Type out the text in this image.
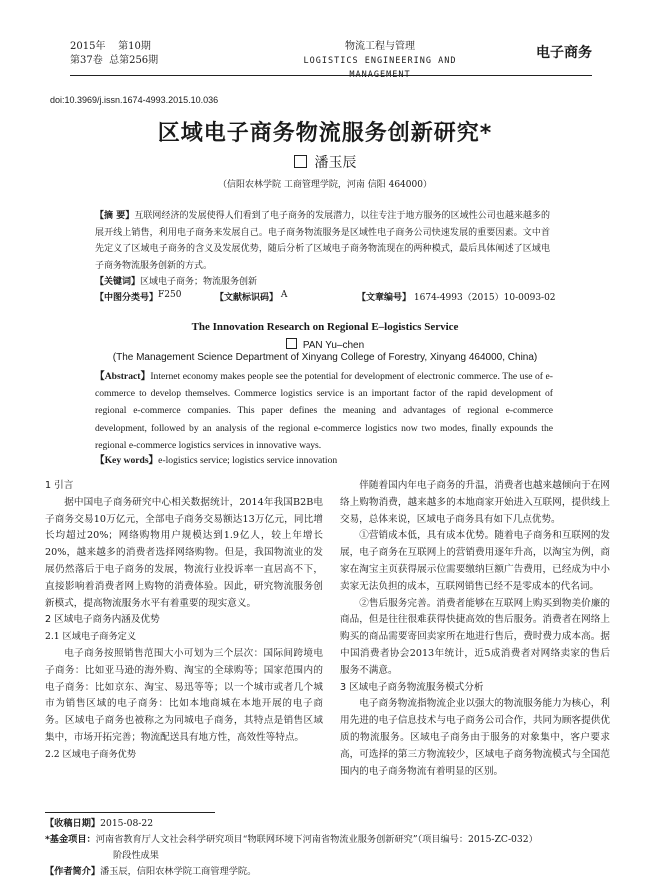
2015年    第10期
第37卷  总第256期
物流工程与管理
LOGISTICS ENGINEERING AND MANAGEMENT
电子商务
doi:10.3969/j.issn.1674-4993.2015.10.036
区域电子商务物流服务创新研究*
潘玉辰
（信阳农林学院 工商管理学院，河南 信阳 464000）
【摘 要】互联网经济的发展使得人们看到了电子商务的发展潜力，以往专注于地方服务的区域性公司也越来越多的展开线上销售，利用电子商务来发展自己。电子商务物流服务是区域性电子商务公司快速发展的重要因素。文中首先定义了区域电子商务的含义及发展优势，随后分析了区域电子商务物流现在的两种模式，最后具体阐述了区域电子商务物流服务创新的方式。
【关键词】区域电子商务；物流服务创新
【中图分类号】 F250	【文献标识码】 A	【文章编号】 1674-4993（2015）10-0093-02
The Innovation Research on Regional E–logistics Service
PAN Yu–chen
(The Management Science Department of Xinyang College of Forestry, Xinyang 464000, China)
【Abstract】Internet economy makes people see the potential for development of electronic commerce. The use of e-commerce to develop themselves. Commerce logistics service is an important factor of the rapid development of regional e-commerce companies. This paper defines the meaning and advantages of regional e-commerce development, followed by an analysis of the regional e-commerce logistics now two modes, finally expounds the regional e-commerce logistics services in innovative ways.
【Key words】e-logistics service; logistics service innovation
1 引言

据中国电子商务研究中心相关数据统计，2014年我国B2B电子商务交易10万亿元，全部电子商务交易额达13万亿元，同比增长均超过20%；网络购物用户规模达到1.9亿人，较上年增长20%，越来越多的消费者选择网络购物。但是，我国物流业的发展仍然落后于电子商务的发展，物流行业投诉率一直居高不下，直接影响着消费者网上购物的消费体验。因此，研究物流服务创新模式，提高物流服务水平有着重要的现实意义。

2 区域电子商务内涵及优势
2.1 区域电子商务定义

电子商务按照销售范围大小可划为三个层次：国际间跨境电子商务：比如亚马逊的海外购、淘宝的全球购等；国家范围内的电子商务：比如京东、淘宝、易迅等等；以一个城市或者几个城市为销售区域的电子商务：比如本地商城在本地开展的电子商务。区域电子商务也被称之为同城电子商务，其特点是销售区域集中，市场开拓完善；物流配送具有地方性，高效性等特点。

2.2 区域电子商务优势

伴随着国内年电子商务的升温，消费者也越来越倾向于在网络上购物消费，越来越多的本地商家开始进入互联网，提供线上交易，总体来说，区域电子商务具有如下几点优势。

①营销成本低，具有成本优势。随着电子商务和互联网的发展，电子商务在互联网上的营销费用逐年升高，以淘宝为例，商家在淘宝主页获得展示位需要缴纳巨额广告费用，已经成为中小卖家无法负担的成本，互联网销售已经不是零成本的代名词。

②售后服务完善。消费者能够在互联网上购买到物美价廉的商品，但是往往很难获得快捷高效的售后服务。消费者在网络上购买的商品需要寄回卖家所在地进行售后，费时费力成本高。据中国消费者协会2013年统计，近5成消费者对网络卖家的售后服务不满意。

3 区域电子商务物流服务模式分析

电子商务物流指物流企业以强大的物流服务能力为核心，利用先进的电子信息技术与电子商务公司合作，共同为顾客提供优质的物流服务。区域电子商务由于服务的对象集中，客户要求高，可选择的第三方物流较少，区域电子商务物流模式与全国范围内的电子商务物流有着明显的区别。

【收稿日期】2015-08-22
*基金项目：河南省教育厅人文社会科学研究项目“物联网环境下河南省物流业服务创新研究”（项目编号：2015-ZC-032）
阶段性成果
【作者简介】潘玉辰，信阳农林学院工商管理学院。
